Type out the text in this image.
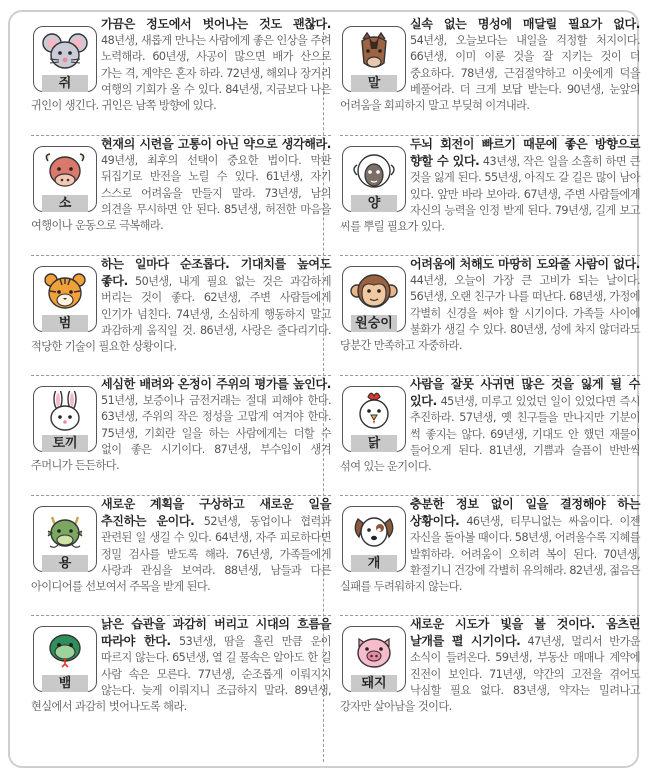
쥐
가끔은 정도에서 벗어나는 것도 괜찮다. 48년생, 새롭게 만나는 사람에게 좋은 인상을 주려 노력해라. 60년생, 사공이 많으면 배가 산으로 가는 격, 계약은 혼자 하라. 72년생, 해외나 장거리 여행의 기회가 올 수 있다. 84년생, 지금보다 나은 귀인이 생긴다. 귀인은 남쪽 방향에 있다.
소
현재의 시련을 고통이 아닌 약으로 생각해라. 49년생, 최후의 선택이 중요한 법이다. 막판 뒤집기로 반전을 노릴 수 있다. 61년생, 자기 스스로 어려움을 만들지 말라. 73년생, 남의 의견을 무시하면 안 된다. 85년생, 허전한 마음을 여행이나 운동으로 극복해라.
범
하는 일마다 순조롭다. 기대치를 높여도 좋다. 50년생, 내게 필요 없는 것은 과감하게 버리는 것이 좋다. 62년생, 주변 사람들에게 인기가 넘친다. 74년생, 소심하게 행동하지 말고 과감하게 움직일 것. 86년생, 사랑은 줄다리기다. 적당한 기술이 필요한 상황이다.
토끼
세심한 배려와 온정이 주위의 평가를 높인다. 51년생, 보증이나 금전거래는 절대 피해야 한다. 63년생, 주위의 작은 정성을 고맙게 여겨야 한다. 75년생, 기회란 일을 하는 사람에게는 더할 수 없이 좋은 시기이다. 87년생, 부수입이 생겨 주머니가 든든하다.
용
새로운 계획을 구상하고 새로운 일을 추진하는 운이다. 52년생, 동업이나 협력과 관련된 일 생길 수 있다. 64년생, 자주 피로하다면 정밀 검사를 받도록 해라. 76년생, 가족들에게 사랑과 관심을 보여라. 88년생, 남들과 다른 아이디어를 선보여서 주목을 받게 된다.
뱀
낡은 습관을 과감히 버리고 시대의 흐름을 따라야 한다. 53년생, 땀을 흘린 만큼 운이 따르지 않는다. 65년생, 열 길 물속은 알아도 한 길 사람 속은 모른다. 77년생, 순조롭게 이뤄지지 않는다. 늦게 이뤄지니 조급하지 말라. 89년생, 현실에서 과감히 벗어나도록 해라.
말
실속 없는 명성에 매달릴 필요가 없다. 54년생, 오늘보다는 내일을 걱정할 처지이다. 66년생, 이미 이룬 것을 잘 지키는 것이 더 중요하다. 78년생, 근검절약하고 이웃에게 덕을 베풀어라. 더 크게 보답 받는다. 90년생, 눈앞의 어려움을 회피하지 말고 부딪혀 이겨내라.
양
두뇌 회전이 빠르기 때문에 좋은 방향으로 향할 수 있다. 43년생, 작은 일을 소홀히 하면 큰 것을 잃게 된다. 55년생, 아직도 갈 길은 많이 남아 있다. 앞만 바라 보아라. 67년생, 주변 사람들에게 자신의 능력을 인정 받게 된다. 79년생, 길게 보고 씨를 뿌릴 필요가 있다.
원숭이
어려움에 처해도 마땅히 도와줄 사람이 없다. 44년생, 오늘이 가장 큰 고비가 되는 날이다. 56년생, 오랜 친구가 나를 떠난다. 68년생, 가정에 각별히 신경을 써야 할 시기이다. 가족들 사이에 불화가 생길 수 있다. 80년생, 성에 차지 않더라도 당분간 만족하고 자중하라.
닭
사람을 잘못 사귀면 많은 것을 잃게 될 수 있다. 45년생, 미루고 있었던 일이 있었다면 즉시 추진하라. 57년생, 옛 친구들을 만나지만 기분이 썩 좋지는 않다. 69년생, 기대도 안 했던 재물이 들어오게 된다. 81년생, 기쁨과 슬픔이 반반씩 섞여 있는 운기이다.
개
충분한 정보 없이 일을 결정해야 하는 상황이다. 46년생, 티무니없는 싸움이다. 이젠 자신을 돌아볼 때이다. 58년생, 어려울수록 지혜를 발휘하라. 어려움이 오히려 복이 된다. 70년생, 환절기니 건강에 각별히 유의해라. 82년생, 젊음은 실패를 두려워하지 않는다.
돼지
새로운 시도가 빛을 볼 것이다. 움츠린 날개를 펼 시기이다. 47년생, 멀리서 반가운 소식이 들려온다. 59년생, 부동산 매매나 계약에 진전이 보인다. 71년생, 약간의 고전을 겪어도 낙심할 필요 없다. 83년생, 약자는 밀려나고 강자만 살아남을 것이다.
